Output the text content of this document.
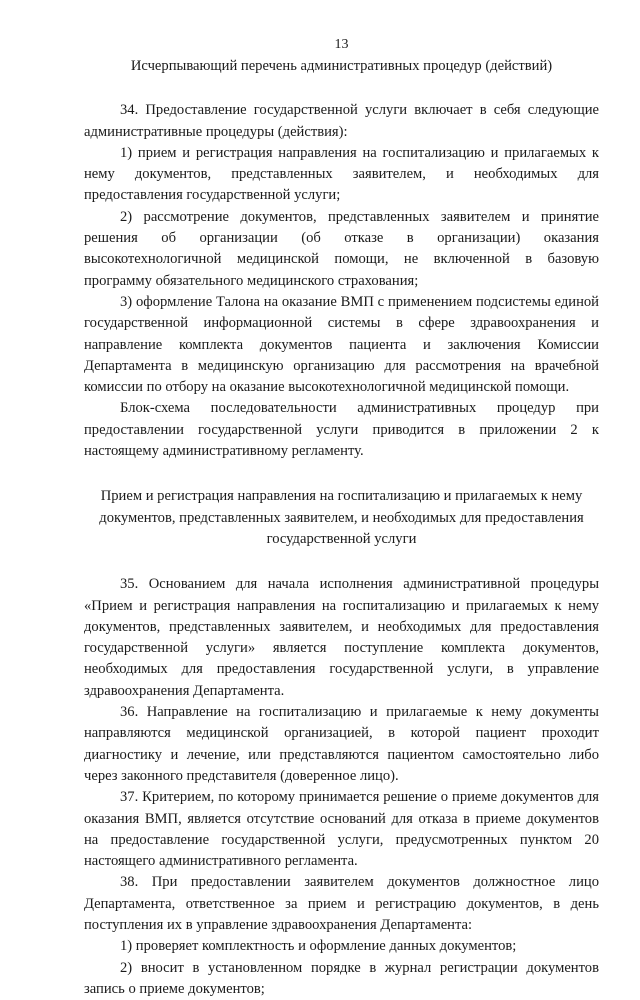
13

Исчерпывающий перечень административных процедур (действий)

34. Предоставление государственной услуги включает в себя следующие административные процедуры (действия):

1) прием и регистрация направления на госпитализацию и прилагаемых к нему документов, представленных заявителем, и необходимых для предоставления государственной услуги;

2) рассмотрение документов, представленных заявителем и принятие решения об организации (об отказе в организации) оказания высокотехнологичной медицинской помощи, не включенной в базовую программу обязательного медицинского страхования;

3) оформление Талона на оказание ВМП с применением подсистемы единой государственной информационной системы в сфере здравоохранения и направление комплекта документов пациента и заключения Комиссии Департамента в медицинскую организацию для рассмотрения на врачебной комиссии по отбору на оказание высокотехнологичной медицинской помощи.

Блок-схема последовательности административных процедур при предоставлении государственной услуги приводится в приложении 2 к настоящему административному регламенту.

Прием и регистрация направления на госпитализацию и прилагаемых к нему документов, представленных заявителем, и необходимых для предоставления государственной услуги

35. Основанием для начала исполнения административной процедуры «Прием и регистрация направления на госпитализацию и прилагаемых к нему документов, представленных заявителем, и необходимых для предоставления государственной услуги» является поступление комплекта документов, необходимых для предоставления государственной услуги, в управление здравоохранения Департамента.

36. Направление на госпитализацию и прилагаемые к нему документы направляются медицинской организацией, в которой пациент проходит диагностику и лечение, или представляются пациентом самостоятельно либо через законного представителя (доверенное лицо).

37. Критерием, по которому принимается решение о приеме документов для оказания ВМП, является отсутствие оснований для отказа в приеме документов на предоставление государственной услуги, предусмотренных пунктом 20 настоящего административного регламента.

38. При предоставлении заявителем документов должностное лицо Департамента, ответственное за прием и регистрацию документов, в день поступления их в управление здравоохранения Департамента:

1) проверяет комплектность и оформление данных документов;

2) вносит в установленном порядке в журнал регистрации документов запись о приеме документов;
